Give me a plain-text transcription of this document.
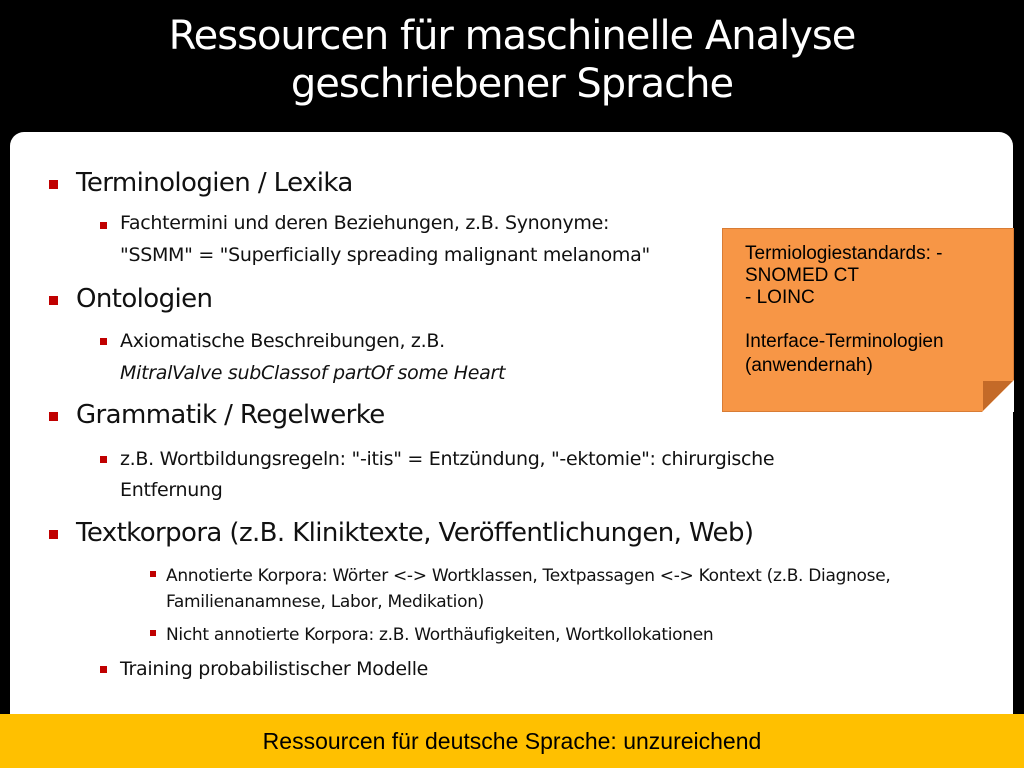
Ressourcen für maschinelle Analyse
geschriebener Sprache
Terminologien / Lexika
Fachtermini und deren Beziehungen, z.B. Synonyme:
"SSMM" = "Superficially spreading malignant melanoma"
Ontologien
Axiomatische Beschreibungen, z.B.
MitralValve subClassof partOf some Heart
Grammatik / Regelwerke
z.B. Wortbildungsregeln: "-itis" = Entzündung, "-ektomie": chirurgische
Entfernung
Textkorpora (z.B. Kliniktexte, Veröffentlichungen, Web)
Annotierte Korpora: Wörter <-> Wortklassen, Textpassagen <-> Kontext (z.B. Diagnose,
Familienanamnese, Labor, Medikation)
Nicht annotierte Korpora: z.B. Worthäufigkeiten, Wortkollokationen
Training probabilistischer Modelle
Termiologiestandards: -
SNOMED CT
- LOINC
Interface-Terminologien
(anwendernah)
Ressourcen für deutsche Sprache: unzureichend
